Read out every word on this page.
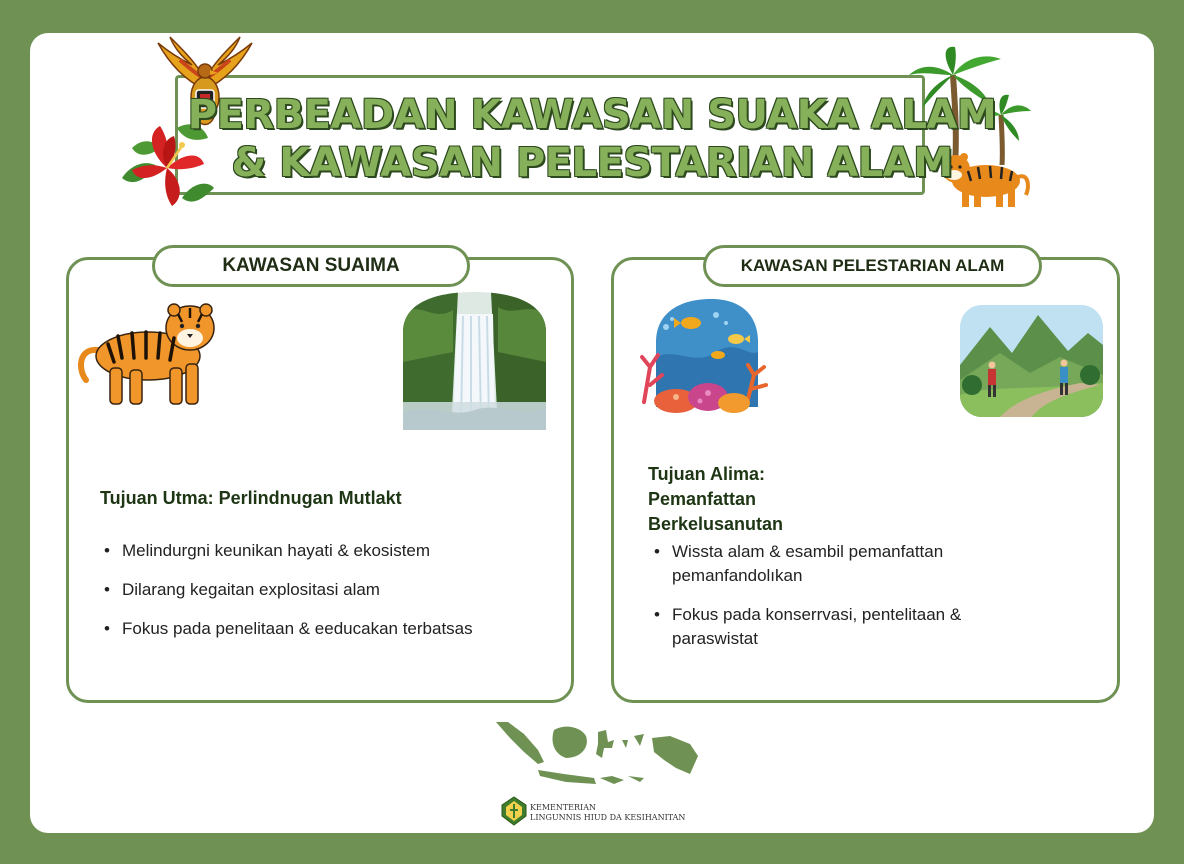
PERBEADAN KAWASAN SUAKA ALAM
& KAWASAN PELESTARIAN ALAM
KAWASAN SUAIMA
Tujuan Utma: Perlindnugan Mutlakt
• Melindurgni keunikan hayati & ekosistem
• Dilarang kegaitan explositasi alam
• Fokus pada penelitaan & eeducakan terbatsas
KAWASAN PELESTARIAN ALAM
Tujuan Alima:
Pemanfattan
Berkelusanutan
• Wissta alam & esambil pemanfattan pemanfandolıkan
• Fokus pada konserrvasi, pentelitaan & paraswistat
KEMENTERIAN
LINGUNNIS HIUD DA KESIHANITAN
